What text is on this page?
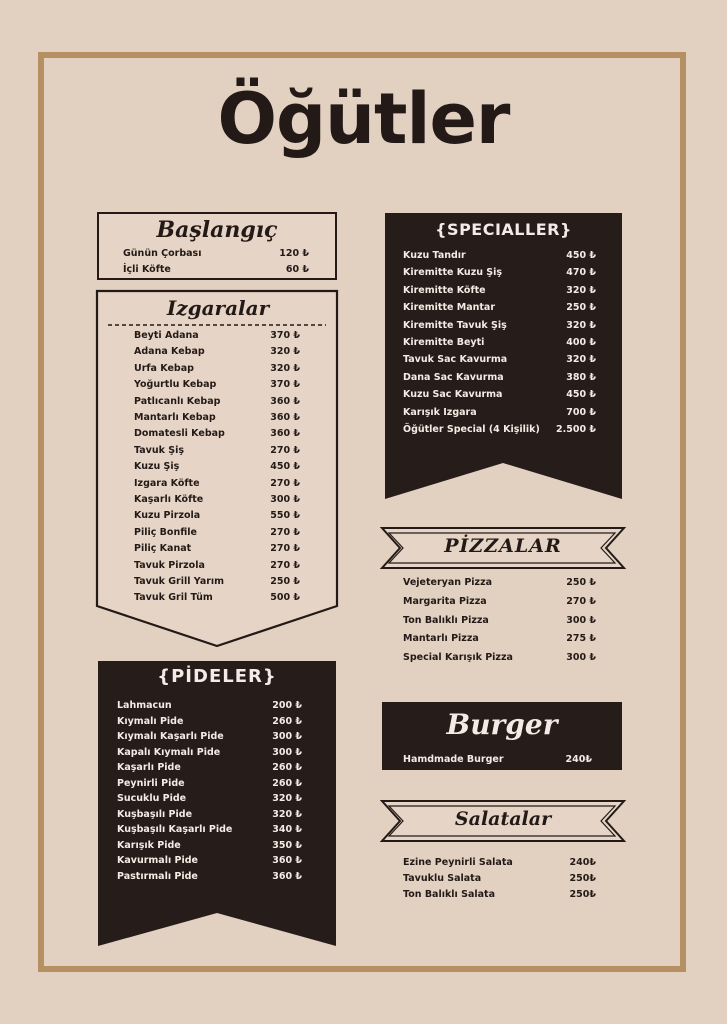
Öğütler
Başlangıç
Günün Çorbası	120 ₺
İçli Köfte	60 ₺
Izgaralar
Beyti Adana	370 ₺
Adana Kebap	320 ₺
Urfa Kebap	320 ₺
Yoğurtlu Kebap	370 ₺
Patlıcanlı Kebap	360 ₺
Mantarlı Kebap	360 ₺
Domatesli Kebap	360 ₺
Tavuk Şiş	270 ₺
Kuzu Şiş	450 ₺
Izgara Köfte	270 ₺
Kaşarlı Köfte	300 ₺
Kuzu Pirzola	550 ₺
Piliç Bonfile	270 ₺
Piliç Kanat	270 ₺
Tavuk Pirzola	270 ₺
Tavuk Grill Yarım	250 ₺
Tavuk Gril Tüm	500 ₺
{PİDELER}
Lahmacun	200 ₺
Kıymalı Pide	260 ₺
Kıymalı Kaşarlı Pide	300 ₺
Kapalı Kıymalı Pide	300 ₺
Kaşarlı Pide	260 ₺
Peynirli Pide	260 ₺
Sucuklu Pide	320 ₺
Kuşbaşılı Pide	320 ₺
Kuşbaşılı Kaşarlı Pide	340 ₺
Karışık Pide	350 ₺
Kavurmalı Pide	360 ₺
Pastırmalı Pide	360 ₺
{SPECIALLER}
Kuzu Tandır	450 ₺
Kiremitte Kuzu Şiş	470 ₺
Kiremitte Köfte	320 ₺
Kiremitte Mantar	250 ₺
Kiremitte Tavuk Şiş	320 ₺
Kiremitte Beyti	400 ₺
Tavuk Sac Kavurma	320 ₺
Dana Sac Kavurma	380 ₺
Kuzu Sac Kavurma	450 ₺
Karışık Izgara	700 ₺
Öğütler Special (4 Kişilik) 2.500 ₺
PİZZALAR
Vejeteryan Pizza	250 ₺
Margarita Pizza	270 ₺
Ton Balıklı Pizza	300 ₺
Mantarlı Pizza	275 ₺
Special Karışık Pizza	300 ₺
Burger
Hamdmade Burger	240₺
Salatalar
Ezine Peynirli Salata	240₺
Tavuklu Salata	250₺
Ton Balıklı Salata	250₺
